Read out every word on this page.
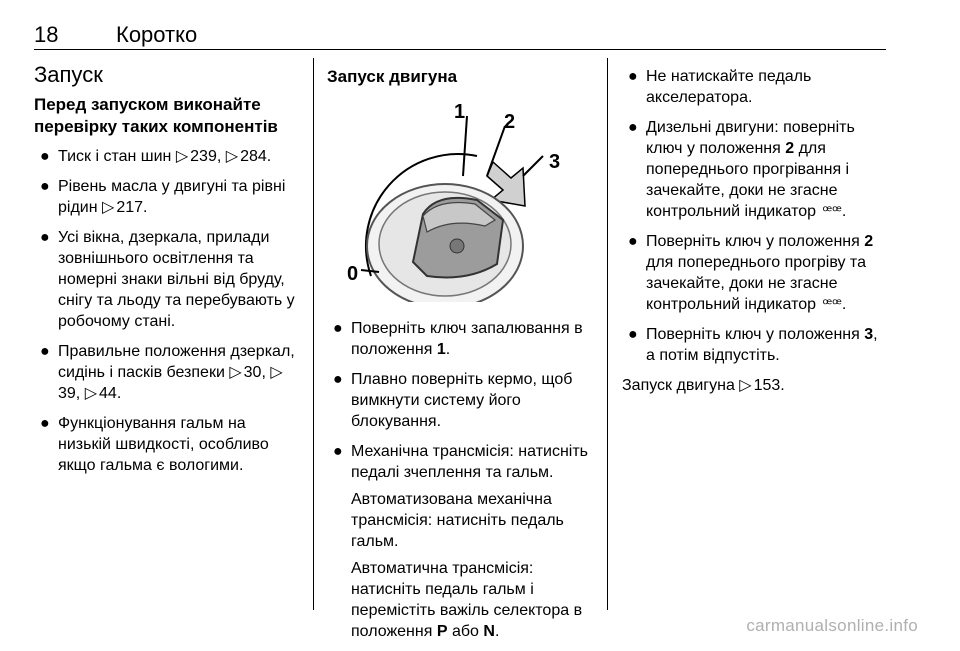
18	Коротко
Запуск
Перед запуском виконайте перевірку таких компонентів
● Тиск і стан шин ▷ 239, ▷ 284.
● Рівень масла у двигуні та рівні рідин ▷ 217.
● Усі вікна, дзеркала, прилади зовнішнього освітлення та номерні знаки вільні від бруду, снігу та льоду та перебувають у робочому стані.
● Правильне положення дзеркал, сидінь і пасків безпеки ▷ 30, ▷39, ▷ 44.
● Функціонування гальм на низькій швидкості, особливо якщо гальма є вологими.
Запуск двигуна
1 2
3
0
● Поверніть ключ запалювання в положення 1.
● Плавно поверніть кермо, щоб вимкнути систему його блокування.
● Механічна трансмісія: натисніть педалі зчеплення та гальм.

Автоматизована механічна трансмісія: натисніть педаль гальм.

Автоматична трансмісія: натисніть педаль гальм і перемістіть важіль селектора в положення P або N.

● Не натискайте педаль акселератора.
● Дизельні двигуни: поверніть ключ у положення 2 для попереднього прогрівання і зачекайте, доки не згасне контрольний індикатор ꟹꟹ.
● Поверніть ключ у положення 2 для попереднього прогріву та зачекайте, доки не згасне контрольний індикатор ꟹꟹ.
● Поверніть ключ у положення 3, а потім відпустіть.

Запуск двигуна ▷ 153.

carmanualsonline.info
